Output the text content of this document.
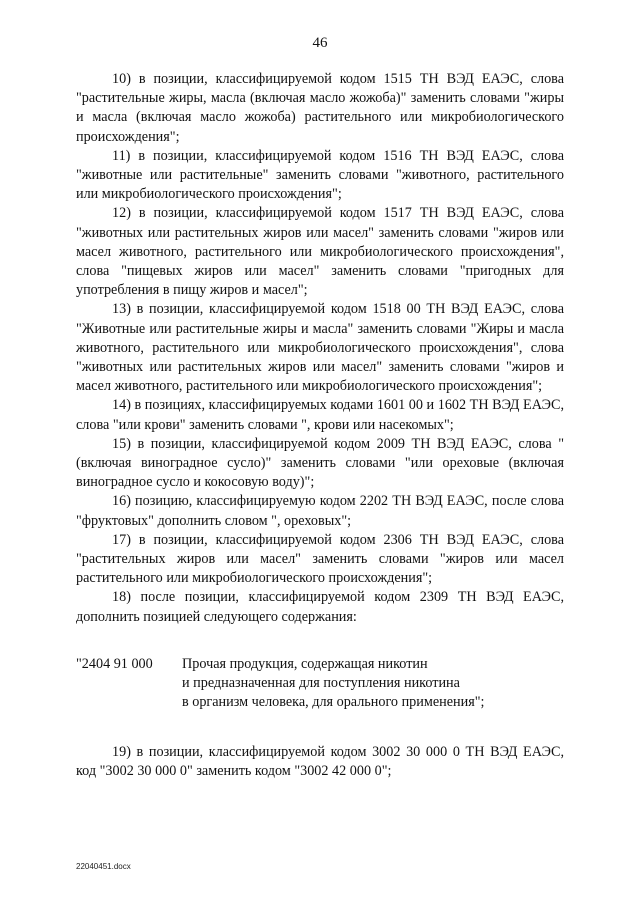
46

10) в позиции, классифицируемой кодом 1515 ТН ВЭД ЕАЭС, слова "растительные жиры, масла (включая масло жожоба)" заменить словами "жиры и масла (включая масло жожоба) растительного или микробиологического происхождения";

11) в позиции, классифицируемой кодом 1516 ТН ВЭД ЕАЭС, слова "животные или растительные" заменить словами "животного, растительного или микробиологического происхождения";

12) в позиции, классифицируемой кодом 1517 ТН ВЭД ЕАЭС, слова "животных или растительных жиров или масел" заменить словами "жиров или масел животного, растительного или микробиологического происхождения", слова "пищевых жиров или масел" заменить словами "пригодных для употребления в пищу жиров и масел";

13) в позиции, классифицируемой кодом 1518 00 ТН ВЭД ЕАЭС, слова "Животные или растительные жиры и масла" заменить словами "Жиры и масла животного, растительного или микробиологического происхождения", слова "животных или растительных жиров или масел" заменить словами "жиров и масел животного, растительного или микробиологического происхождения";

14) в позициях, классифицируемых кодами 1601 00 и 1602 ТН ВЭД ЕАЭС, слова "или крови" заменить словами ", крови или насекомых";

15) в позиции, классифицируемой кодом 2009 ТН ВЭД ЕАЭС, слова "(включая виноградное сусло)" заменить словами "или ореховые (включая виноградное сусло и кокосовую воду)";

16) позицию, классифицируемую кодом 2202 ТН ВЭД ЕАЭС, после слова "фруктовых" дополнить словом ", ореховых";

17) в позиции, классифицируемой кодом 2306 ТН ВЭД ЕАЭС, слова "растительных жиров или масел" заменить словами "жиров или масел растительного или микробиологического происхождения";

18) после позиции, классифицируемой кодом 2309 ТН ВЭД ЕАЭС, дополнить позицией следующего содержания:

"2404 91 000	Прочая продукция, содержащая никотин
и предназначенная для поступления никотина
в организм человека, для орального применения";

19) в позиции, классифицируемой кодом 3002 30 000 0 ТН ВЭД ЕАЭС, код "3002 30 000 0" заменить кодом "3002 42 000 0";

22040451.docx
